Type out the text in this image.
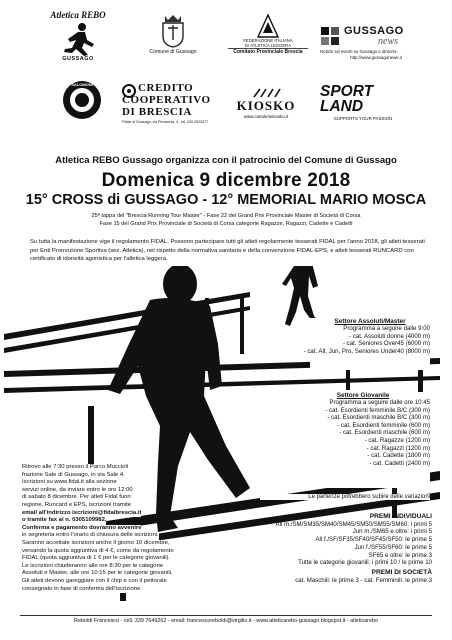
Atletica REBO
GUSSAGO
Comune di Gussago
FEDERAZIONE ITALIANA
DI ATLETICA LEGGERA
Comitato Provinciale Brescia
GUSSAGO
news
Notizie ed eventi su Gussago e dintorni.
http://www.gussagonews.it
SALOMONI	CREDITO
COOPERATIVO
DI BRESCIA
Filiale di Gussago, via Peracchia, 4 - tel. 030 2522677
KIOSKO
www.cartoleriekiosko.it
SPORT LAND
SUPPORTS YOUR PASSION
Atletica REBO Gussago organizza con il patrocinio del Comune di Gussago
Domenica 9 dicembre 2018
15° CROSS di GUSSAGO - 12° MEMORIAL MARIO MOSCA
25ª tappa del "Brescia Running Tour Master" - Fase 22 del Grand Prix Provinciale Master di Società di Corsa
Fase 15 del Grand Prix Provinciale di Società di Corsa categorie Ragazze, Ragazzi, Cadette e Cadetti
Su tutta la manifestazione vige il regolamento FIDAL. Possono partecipare tutti gli atleti regolarmente tesserati FIDAL per l'anno 2018, gli atleti tesserati per Enti Promozione Sportiva (sez. Atletica), nel rispetto della normativa sanitaria e della convenzione FIDAL-EPS, e atleti tesserati RUNCARD con certificato di idoneità agonistica per l'atletica leggera.
Settore Assoluti/Master
Programma a seguire dalle 9:00
- cat. Assoluti donne (4000 m)
- cat. Seniores Over45 (6000 m)
- cat. All, Jun, Pro, Seniores Under40 (8000 m)
Settore Giovanile
Programma a seguire dalle ore 10:45
- cat. Esordienti femminile B/C (300 m)
- cat. Esordienti maschile B/C (300 m)
- cat. Esordienti femminile (600 m)
- cat. Esordienti maschile (600 m)
- cat. Ragazze (1200 m)
- cat. Ragazzi (1200 m)
- cat. Cadette (1800 m)
- cat. Cadetti (2400 m)
Le partenze potrebbero subire delle variazioni
Ritrovo alle 7:30 presso il Parco Muccioli
frazione Sale di Gussago, in via Sale 4.
Iscrizioni su www.fidal.it alla sezione
servizi online, da inviare entro le ore 12:00
di sabato 8 dicembre. Per atleti Fidal fuori
regione, Runcard e EPS, iscrizioni tramite
email all'indirizzo iscrizioni@fidalbrescia.it
o tramite fax al n. 0305109982.
Conferma e pagamento dovranno avvenire
in segreteria entro l'orario di chiusura delle iscrizioni.
Saranno accettate iscrizioni anche il giorno 10 dicembre,
versando la quota aggiuntiva di 4 €, come da regolamento
FIDAL (quota aggiuntiva di 1 € per le categorie giovanili).
Le iscrizioni chiuderanno alle ore 8:30 per le categorie
Assoluti e Master, alle ore 10:15 per le categorie giovanili.
Gli atleti devono gareggiare con il chip e con il pettorale
consegnato in fase di conferma dell'iscrizione.
PREMI INDIVIDUALI
All m./SM/SM35/SM40/SM45/SM50/SM55/SM60: i primi 5
Jun m./SM65 e oltre: i primi 5
All f./SF/SF35/SF40/SF45/SF50: le prime 5
Jun f./SF55/SF60: le prime 5
SF65 e oltre: le prime 3
Tutte le categorie giovanili: i primi 10 / le prime 10
PREMI DI SOCIETÀ
cat. Maschili: le prime 3 - cat. Femminili: le prime 3
Reboldi Francesco - cell. 339 7649262 - email: francescoreboldi@virgilio.it - www.atleticarebo-gussago.blogspot.it - atleticarebo
